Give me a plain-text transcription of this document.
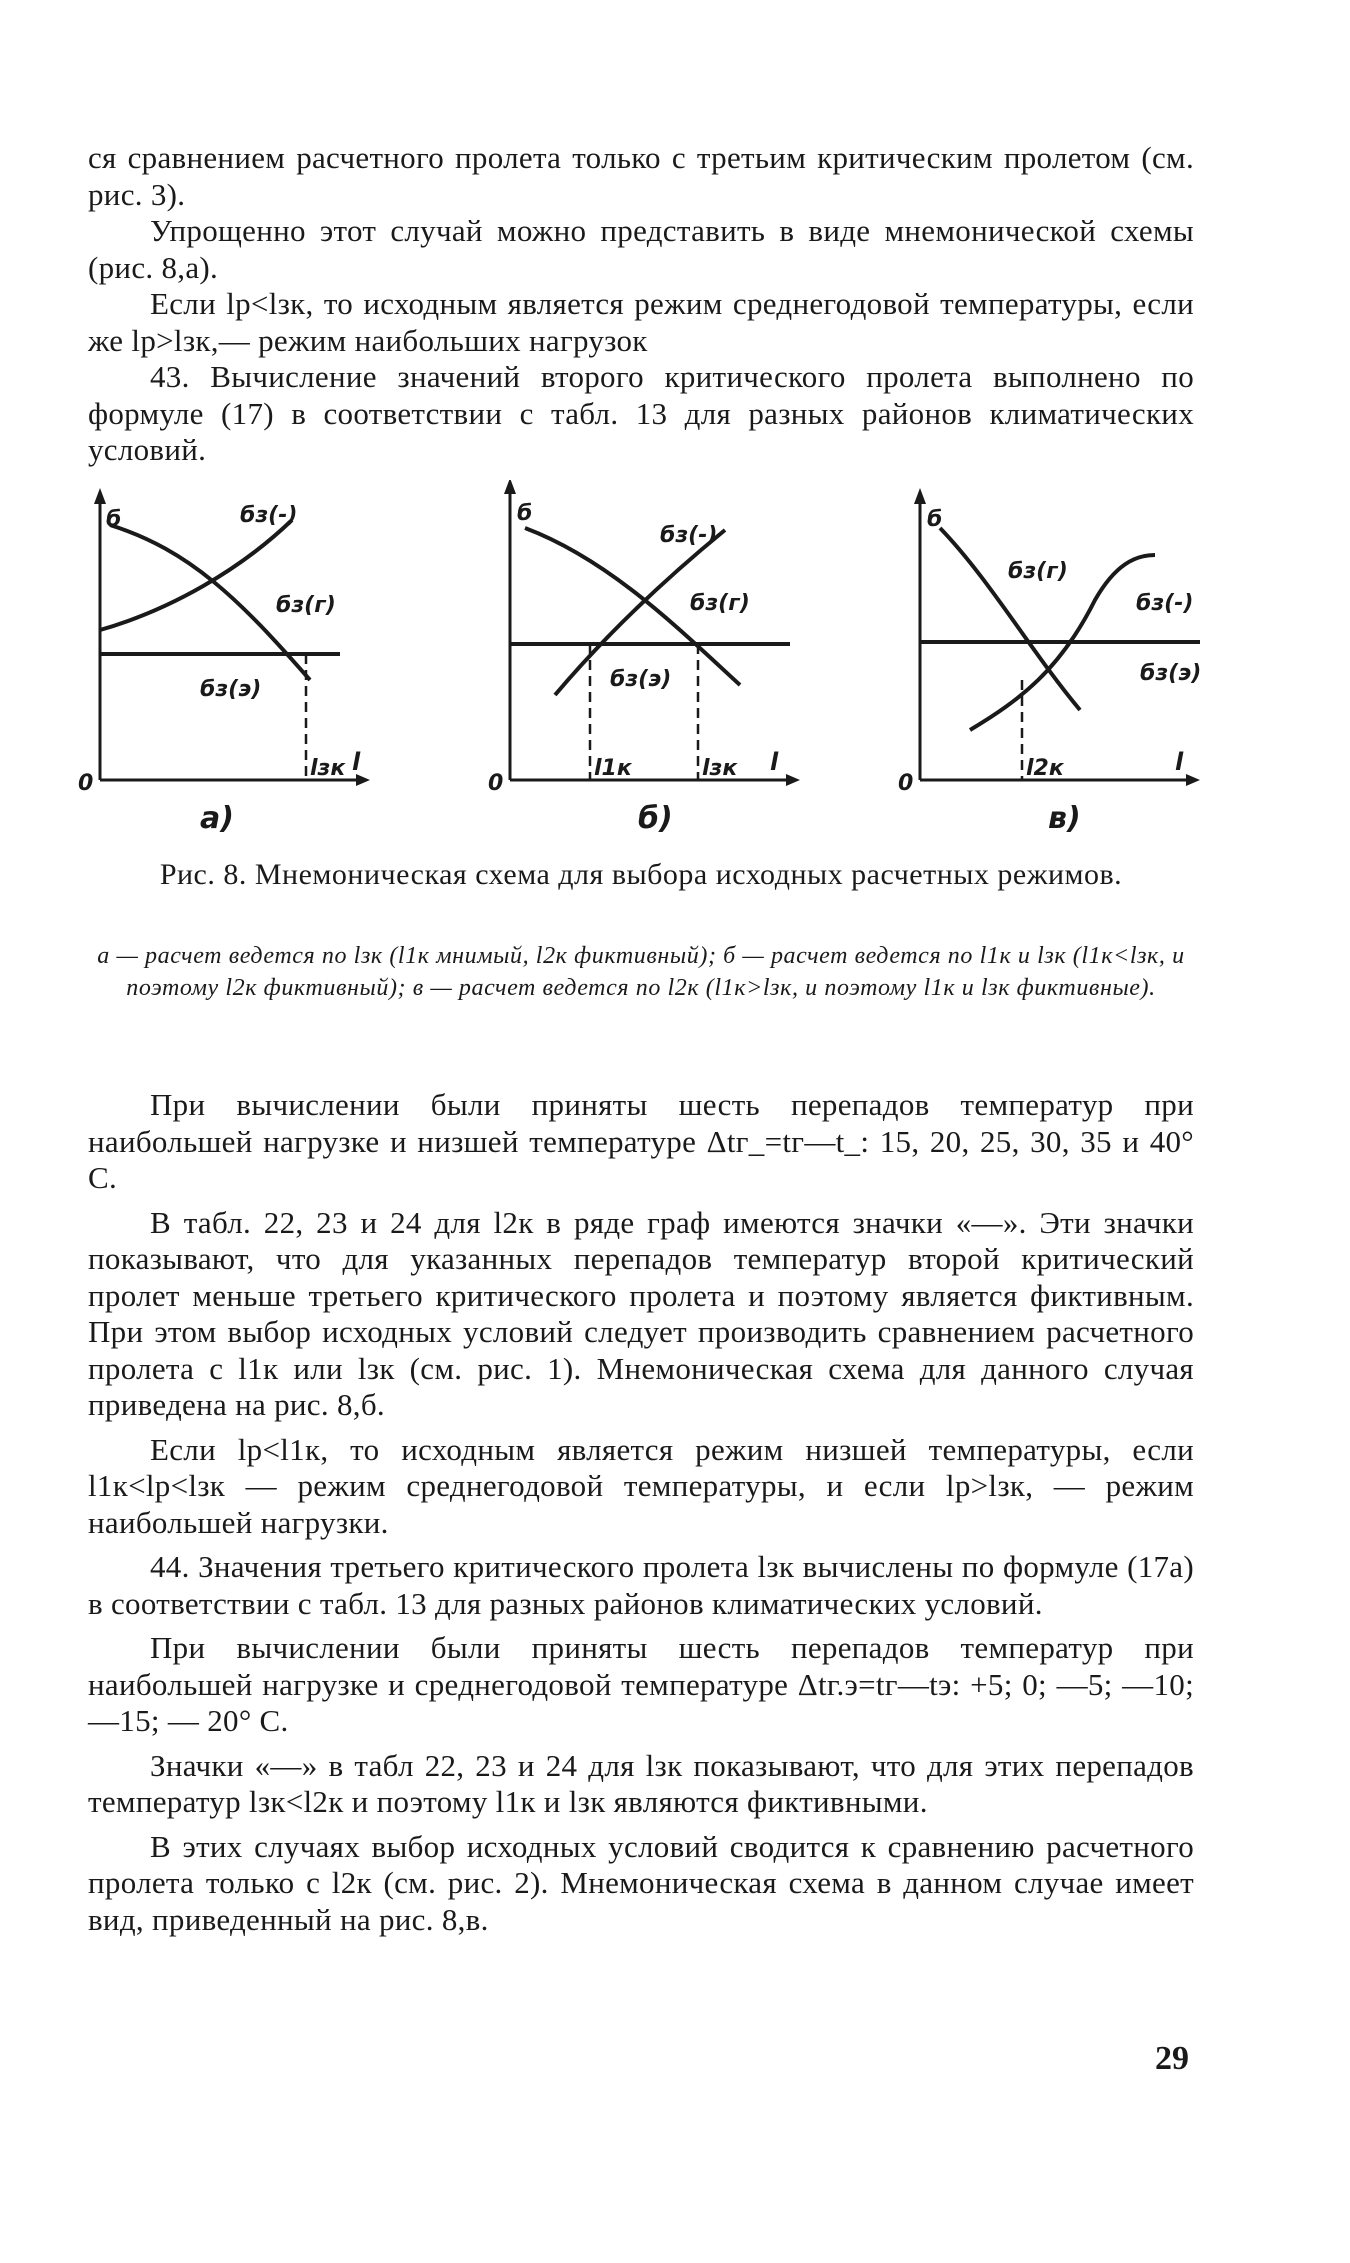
ся сравнением расчетного пролета только с третьим критическим пролетом (см. рис. 3).

Упрощенно этот случай можно представить в виде мнемонической схемы (рис. 8,а).

Если lр<lзк, то исходным является режим среднегодовой температуры, если же lр>lзк,— режим наибольших нагрузок

43. Вычисление значений второго критического пролета выполнено по формуле (17) в соответствии с табл. 13 для разных районов климатических условий.

б
0
бз(-)
бз(г)
бз(э)
lзк l
а)
б
0
бз(-)
бз(г)
бз(э)
l1к	lзк l
б)
б
0
бз(г)
бз(-)
бз(э)
l2к	l
в)
Рис. 8. Мнемоническая схема для выбора исходных расчетных режимов.
а — расчет ведется по lзк (l1к мнимый, l2к фиктивный); б — расчет ведется по l1к и lзк (l1к<lзк, и поэтому l2к фиктивный); в — расчет ведется по l2к (l1к>lзк, и поэтому l1к и lзк фиктивные).

При вычислении были приняты шесть перепадов температур при наибольшей нагрузке и низшей температуре Δtг_=tг—t_: 15, 20, 25, 30, 35 и 40° С.

В табл. 22, 23 и 24 для l2к в ряде граф имеются значки «—». Эти значки показывают, что для указанных перепадов температур второй критический пролет меньше третьего критического пролета и поэтому является фиктивным. При этом выбор исходных условий следует производить сравнением расчетного пролета с l1к или lзк (см. рис. 1). Мнемоническая схема для данного случая приведена на рис. 8,б.

Если lр<l1к, то исходным является режим низшей температуры, если l1к<lр<lзк — режим среднегодовой температуры, и если lр>lзк, — режим наибольшей нагрузки.

44. Значения третьего критического пролета lзк вычислены по формуле (17а) в соответствии с табл. 13 для разных районов климатических условий.

При вычислении были приняты шесть перепадов температур при наибольшей нагрузке и среднегодовой температуре Δtг.э=tг—tэ: +5; 0; —5; —10; —15; — 20° С.

Значки «—» в табл 22, 23 и 24 для lзк показывают, что для этих перепадов температур lзк<l2к и поэтому l1к и lзк являются фиктивными.

В этих случаях выбор исходных условий сводится к сравнению расчетного пролета только с l2к (см. рис. 2). Мнемоническая схема в данном случае имеет вид, приведенный на рис. 8,в.

29
